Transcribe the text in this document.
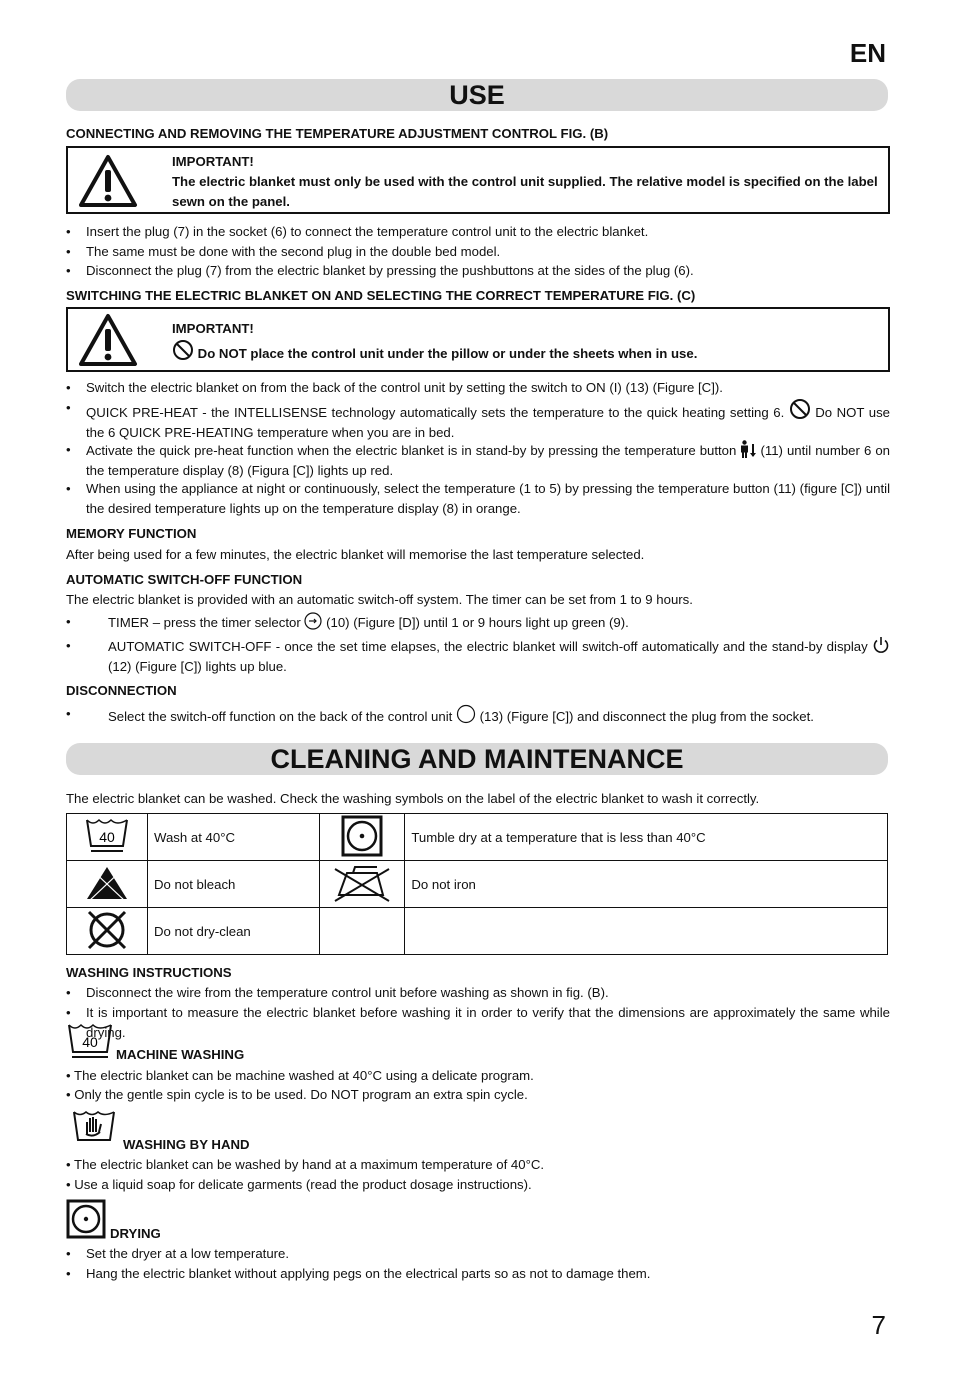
EN
USE
CONNECTING AND REMOVING THE TEMPERATURE ADJUSTMENT CONTROL FIG. (B)
IMPORTANT!
The electric blanket must only be used with the control unit supplied. The relative model is specified on the label sewn on the panel.
• Insert the plug (7) in the socket (6) to connect the temperature control unit to the electric blanket.
• The same must be done with the second plug in the double bed model.
• Disconnect the plug (7) from the electric blanket by pressing the pushbuttons at the sides of the plug (6).
SWITCHING THE ELECTRIC BLANKET ON AND SELECTING THE CORRECT TEMPERATURE FIG. (C)
IMPORTANT!
Do NOT place the control unit under the pillow or under the sheets when in use.
• Switch the electric blanket on from the back of the control unit by setting the switch to ON (I) (13) (Figure [C]).
• QUICK PRE-HEAT - the INTELLISENSE technology automatically sets the temperature to the quick heating setting 6. Do NOT use the 6 QUICK PRE-HEATING temperature when you are in bed.
• Activate the quick pre-heat function when the electric blanket is in stand-by by pressing the temperature button (11) until number 6 on the temperature display (8) (Figura [C]) lights up red.
• When using the appliance at night or continuously, select the temperature (1 to 5) by pressing the temperature button (11) (figure [C]) until the desired temperature lights up on the temperature display (8) in orange.
MEMORY FUNCTION
After being used for a few minutes, the electric blanket will memorise the last temperature selected.
AUTOMATIC SWITCH-OFF FUNCTION
The electric blanket is provided with an automatic switch-off system. The timer can be set from 1 to 9 hours.
•	TIMER – press the timer selector (10) (Figure [D]) until 1 or 9 hours light up green (9).
•	AUTOMATIC SWITCH-OFF - once the set time elapses, the electric blanket will switch-off automatically and the stand-by display  (12) (Figure [C]) lights up blue.
DISCONNECTION
•	Select the switch-off function on the back of the control unit (13) (Figure [C]) and disconnect the plug from the socket.
CLEANING AND MAINTENANCE
The electric blanket can be washed. Check the washing symbols on the label of the electric blanket to wash it correctly.
40	Wash at 40°C		Tumble dry at a temperature that is less than 40°C
	Do not bleach		Do not iron
	Do not dry-clean		
WASHING INSTRUCTIONS
• Disconnect the wire from the temperature control unit before washing as shown in fig. (B).
• It is important to measure the electric blanket before washing it in order to verify that the dimensions are approximately the same while drying.
40
MACHINE WASHING
• The electric blanket can be machine washed at 40°C using a delicate program.
• Only the gentle spin cycle is to be used. Do NOT program an extra spin cycle.
WASHING BY HAND
• The electric blanket can be washed by hand at a maximum temperature of 40°C.
• Use a liquid soap for delicate garments (read the product dosage instructions).
DRYING
• Set the dryer at a low temperature.
• Hang the electric blanket without applying pegs on the electrical parts so as not to damage them.
7
